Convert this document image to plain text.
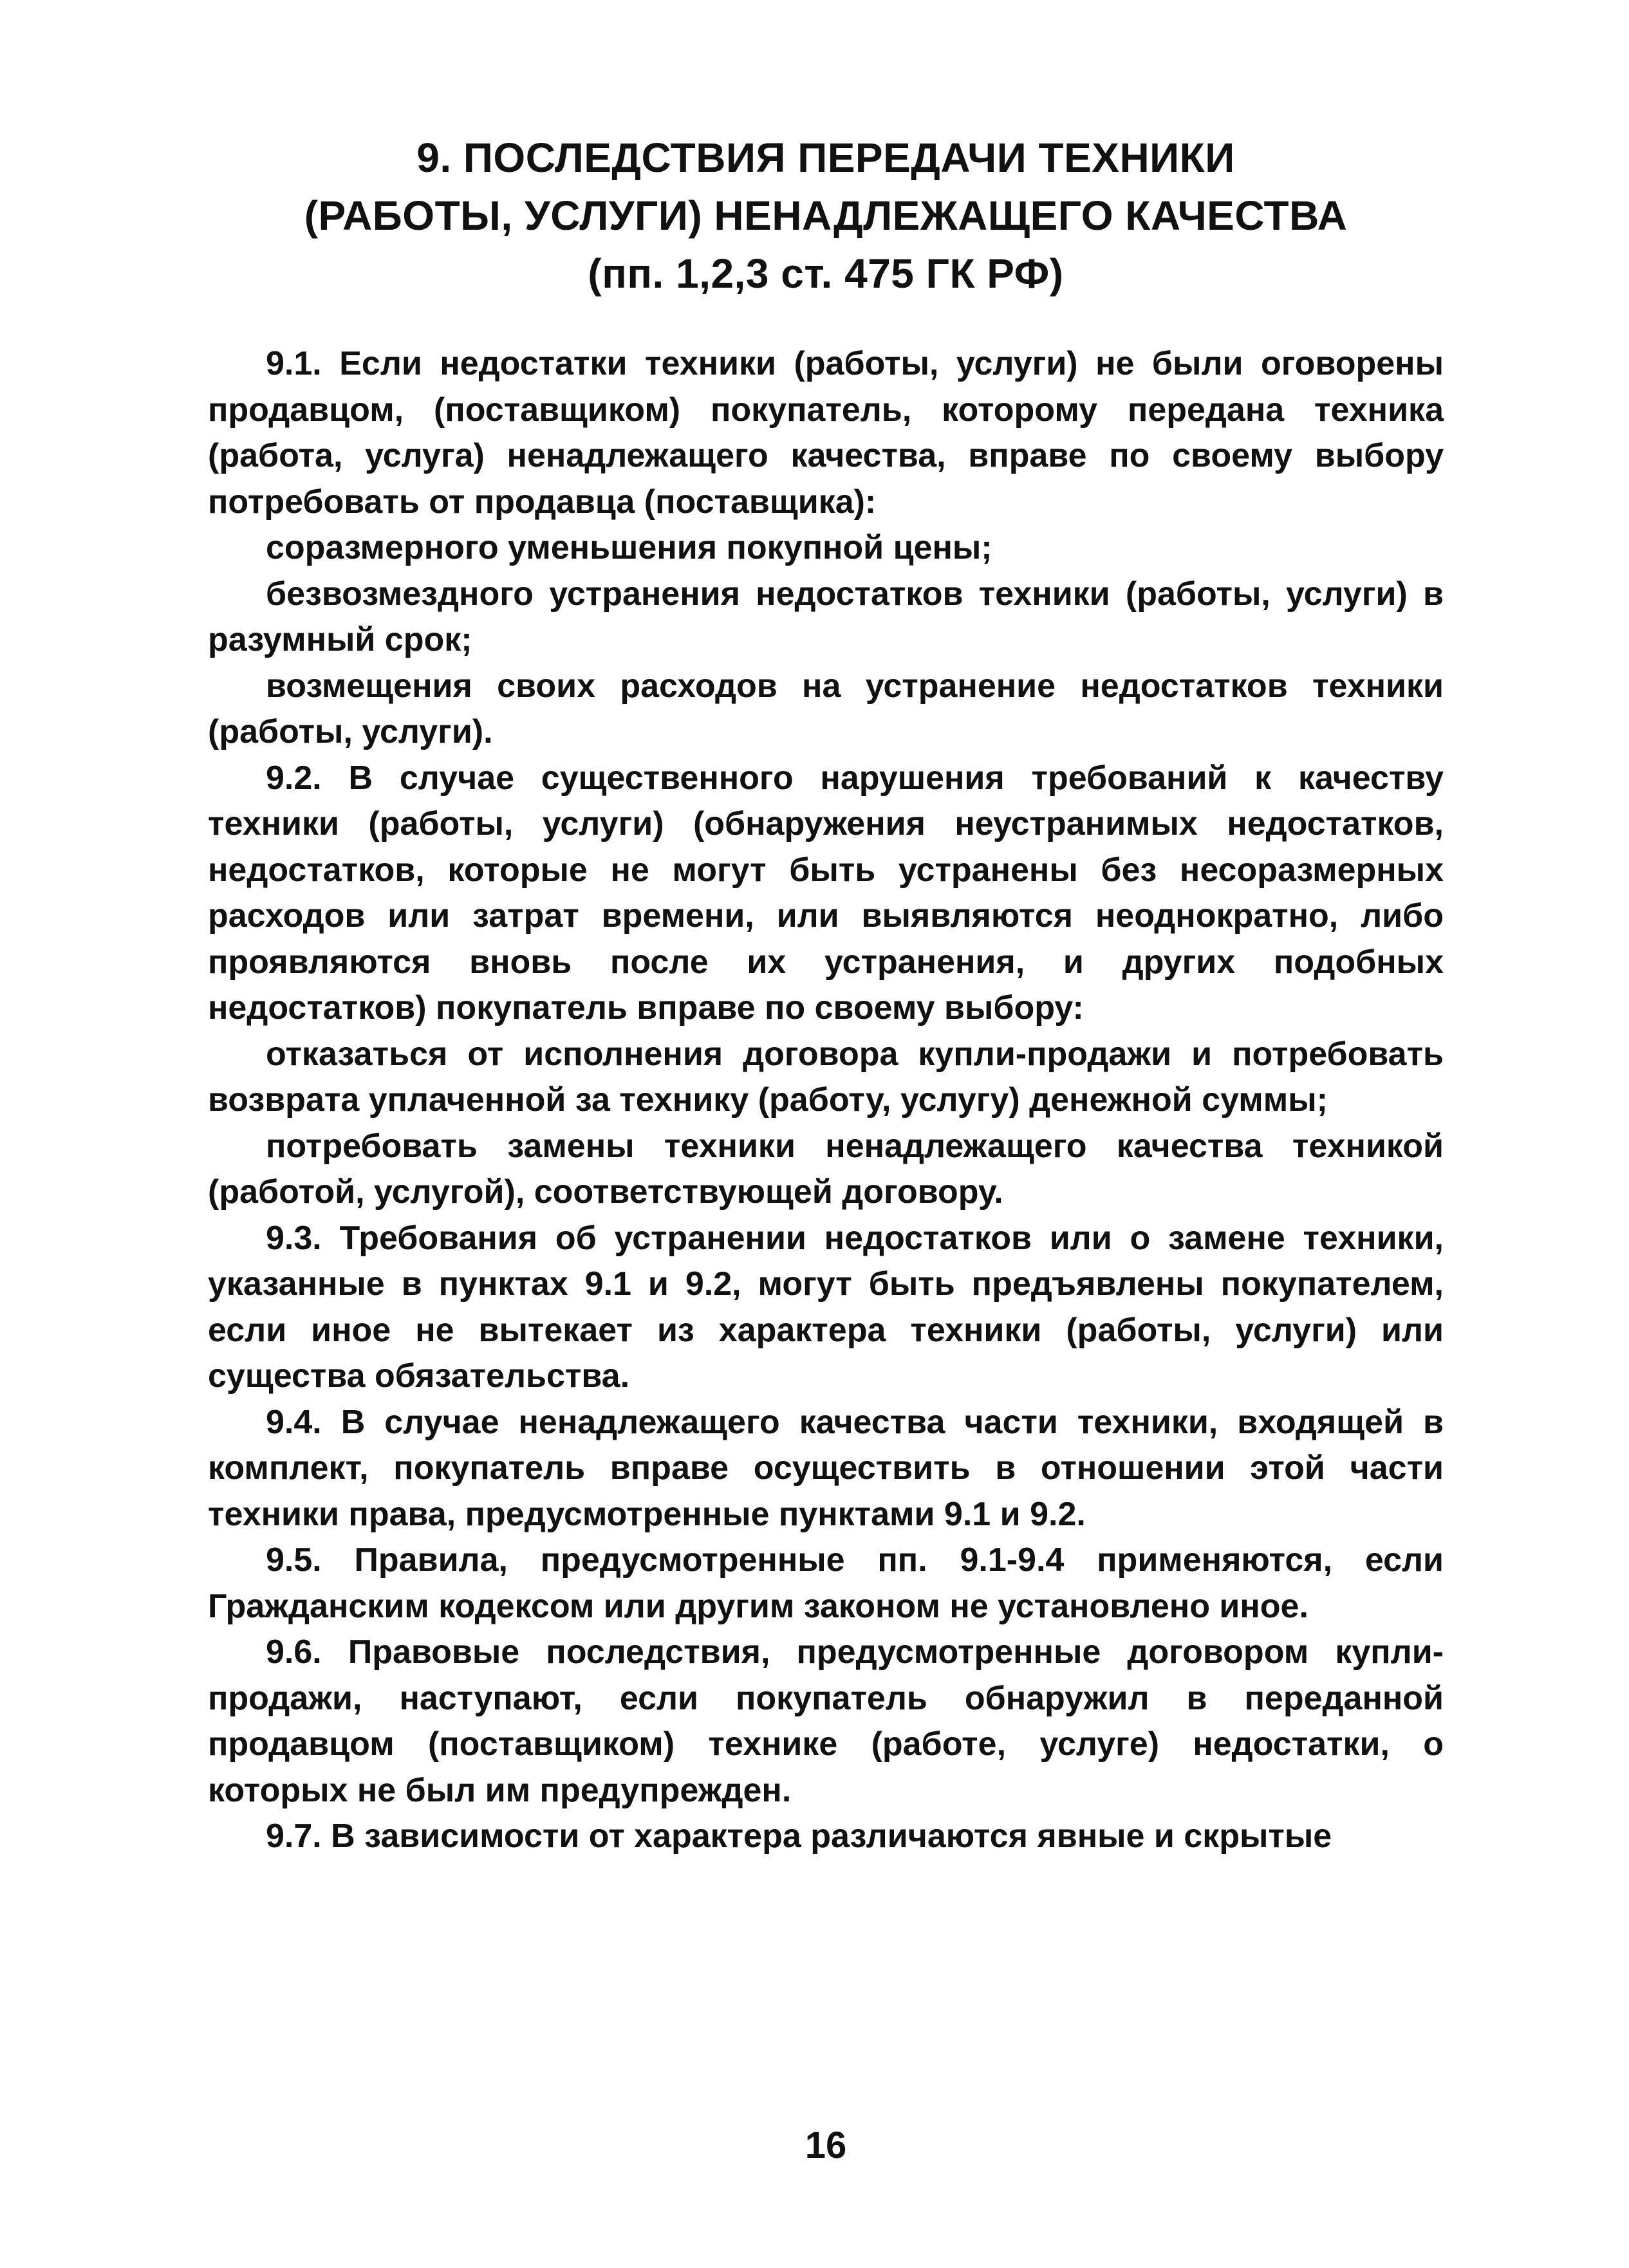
9. ПОСЛЕДСТВИЯ ПЕРЕДАЧИ ТЕХНИКИ
(РАБОТЫ, УСЛУГИ) НЕНАДЛЕЖАЩЕГО КАЧЕСТВА
(пп. 1,2,3 ст. 475 ГК РФ)

9.1. Если недостатки техники (работы, услуги) не были оговорены продавцом, (поставщиком) покупатель, которому передана техника (работа, услуга) ненадлежащего качества, вправе по своему выбору потребовать от продавца (поставщика):

соразмерного уменьшения покупной цены;

безвозмездного устранения недостатков техники (работы, услуги) в разумный срок;

возмещения своих расходов на устранение недостатков техники (работы, услуги).

9.2. В случае существенного нарушения требований к качеству техники (работы, услуги) (обнаружения неустранимых недостатков, недостатков, которые не могут быть устранены без несоразмерных расходов или затрат времени, или выявляются неоднократно, либо проявляются вновь после их устранения, и других подобных недостатков) покупатель вправе по своему выбору:

отказаться от исполнения договора купли-продажи и потребовать возврата уплаченной за технику (работу, услугу) денежной суммы;

потребовать замены техники ненадлежащего качества техникой (работой, услугой), соответствующей договору.

9.3. Требования об устранении недостатков или о замене техники, указанные в пунктах 9.1 и 9.2, могут быть предъявлены покупателем, если иное не вытекает из характера техники (работы, услуги) или существа обязательства.

9.4. В случае ненадлежащего качества части техники, входящей в комплект, покупатель вправе осуществить в отношении этой части техники права, предусмотренные пунктами 9.1 и 9.2.

9.5. Правила, предусмотренные пп. 9.1-9.4 применяются, если Гражданским кодексом или другим законом не установлено иное.

9.6. Правовые последствия, предусмотренные договором купли-продажи, наступают, если покупатель обнаружил в переданной продавцом (поставщиком) технике (работе, услуге) недостатки, о которых не был им предупрежден.

9.7. В зависимости от характера различаются явные и скрытые

16
